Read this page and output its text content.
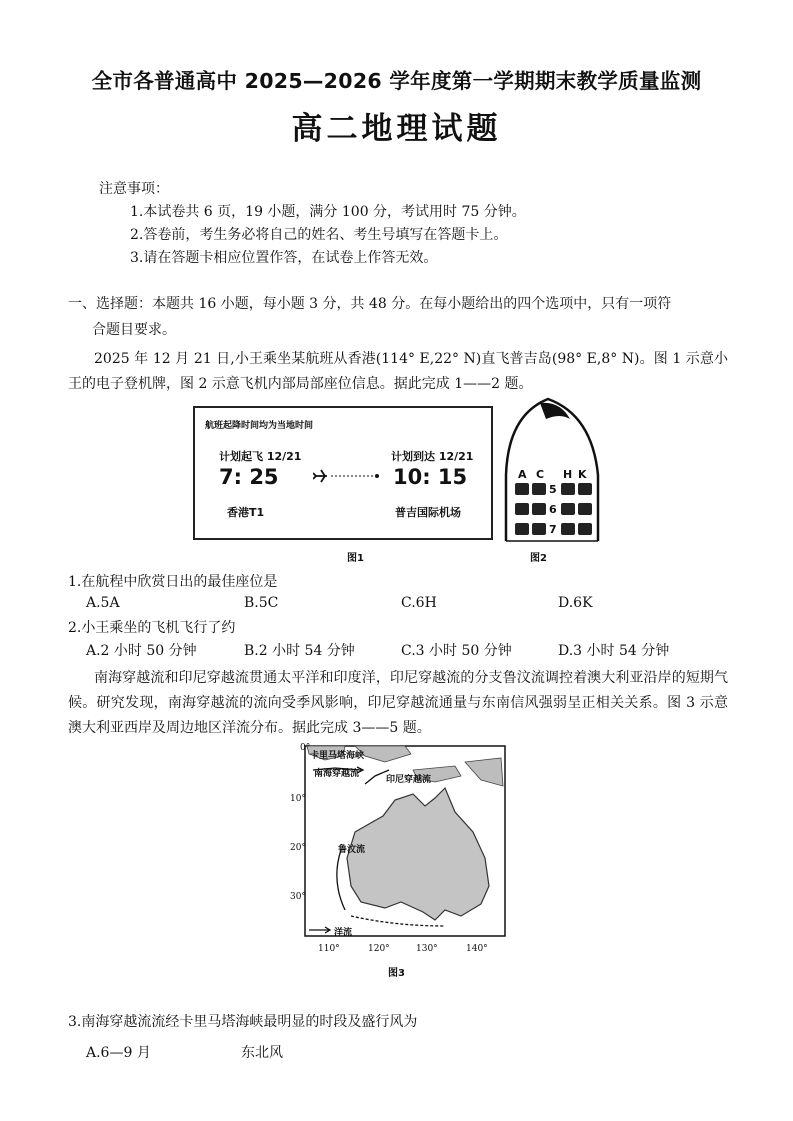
全市各普通高中 2025—2026 学年度第一学期期末教学质量监测
高二地理试题
注意事项：
1.本试卷共 6 页，19 小题，满分 100 分，考试用时 75 分钟。
2.答卷前，考生务必将自己的姓名、考生号填写在答题卡上。
3.请在答题卡相应位置作答，在试卷上作答无效。
一、选择题：本题共 16 小题，每小题 3 分，共 48 分。在每小题给出的四个选项中，只有一项符
合题目要求。
2025 年 12 月 21 日,小王乘坐某航班从香港(114° E,22° N)直飞普吉岛(98° E,8° N)。图 1 示意小王的电子登机牌，图 2 示意飞机内部局部座位信息。据此完成 1——2 题。
航班起降时间均为当地时间
计划起飞 12/21	计划到达 12/21
7: 25	10: 15
香港T1	普吉国际机场
图1
A C H K
5
6
7
图2
1.在航程中欣赏日出的最佳座位是
A.5A	B.5C	C.6H	D.6K
2.小王乘坐的飞机飞行了约
A.2 小时 50 分钟	B.2 小时 54 分钟	C.3 小时 50 分钟	D.3 小时 54 分钟
南海穿越流和印尼穿越流贯通太平洋和印度洋，印尼穿越流的分支鲁汶流调控着澳大利亚沿岸的短期气候。研究发现，南海穿越流的流向受季风影响，印尼穿越流通量与东南信风强弱呈正相关关系。图 3 示意澳大利亚西岸及周边地区洋流分布。据此完成 3——5 题。
0°
10°
20°
30°
110°	120°	130°	140°
卡里马塔海峡
南海穿越流
印尼穿越流
鲁汶流
洋流
图3
3.南海穿越流流经卡里马塔海峡最明显的时段及盛行风为
A.6—9 月	东北风
